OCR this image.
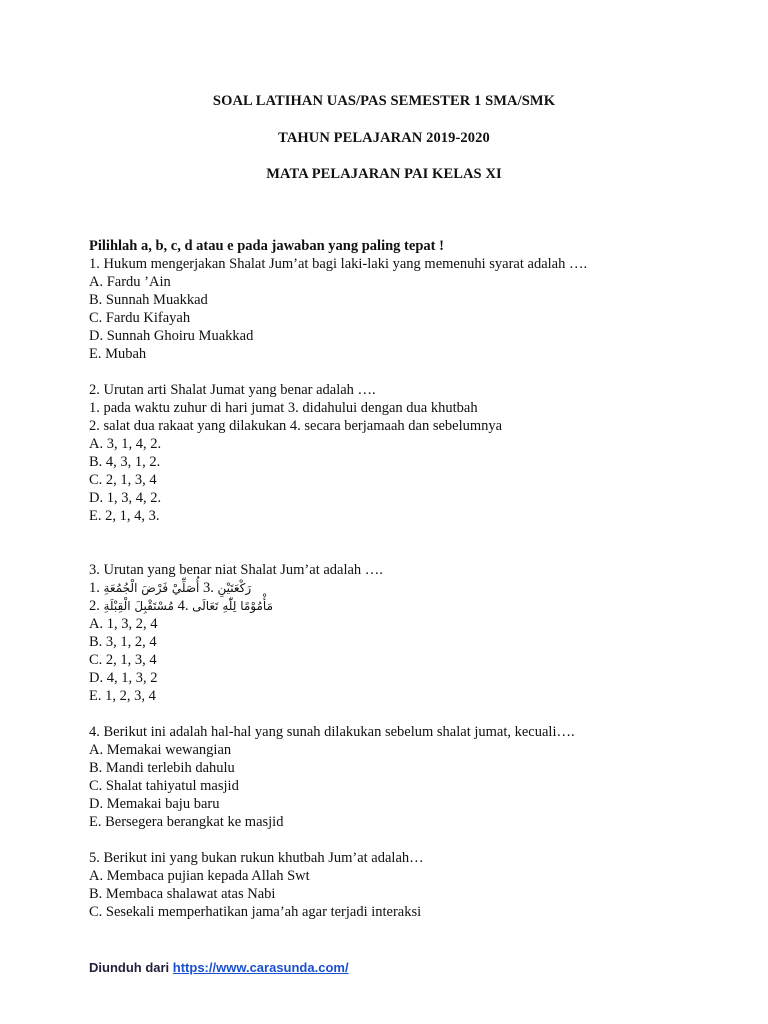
SOAL LATIHAN UAS/PAS SEMESTER 1 SMA/SMK
TAHUN PELAJARAN 2019-2020
MATA PELAJARAN PAI KELAS XI
Pilihlah a, b, c, d atau e pada jawaban yang paling tepat !
1. Hukum mengerjakan Shalat Jum’at bagi laki-laki yang memenuhi syarat adalah ….
A. Fardu ’Ain
B. Sunnah Muakkad
C. Fardu Kifayah
D. Sunnah Ghoiru Muakkad
E. Mubah
2. Urutan arti Shalat Jumat yang benar adalah ….
1. pada waktu zuhur di hari jumat 3. didahului dengan dua khutbah
2. salat dua rakaat yang dilakukan 4. secara berjamaah dan sebelumnya
A. 3, 1, 4, 2.
B. 4, 3, 1, 2.
C. 2, 1, 3, 4
D. 1, 3, 4, 2.
E. 2, 1, 4, 3.
3. Urutan yang benar niat Shalat Jum’at adalah ….
1. أُصَلِّيْ فَرْضَ الْجُمُعَةِ 3. رَكْعَتَيْنِ
2. مُسْتَقْبِلَ الْقِبْلَةِ 4. مَأْمُوْمًا لِلّٰهِ تَعَالَى
A. 1, 3, 2, 4
B. 3, 1, 2, 4
C. 2, 1, 3, 4
D. 4, 1, 3, 2
E. 1, 2, 3, 4
4. Berikut ini adalah hal-hal yang sunah dilakukan sebelum shalat jumat, kecuali….
A. Memakai wewangian
B. Mandi terlebih dahulu
C. Shalat tahiyatul masjid
D. Memakai baju baru
E. Bersegera berangkat ke masjid
5. Berikut ini yang bukan rukun khutbah Jum’at adalah…
A. Membaca pujian kepada Allah Swt
B. Membaca shalawat atas Nabi
C. Sesekali memperhatikan jama’ah agar terjadi interaksi
Diunduh dari https://www.carasunda.com/
